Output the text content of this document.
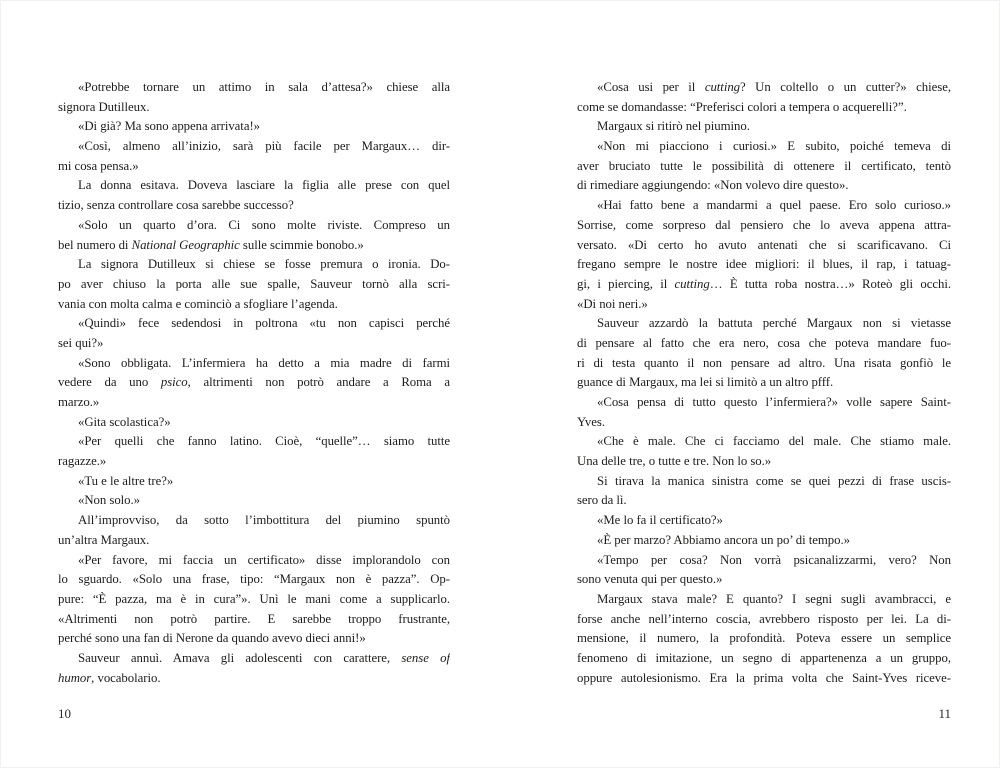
«Potrebbe tornare un attimo in sala d’attesa?» chiese alla
signora Dutilleux.
«Di già? Ma sono appena arrivata!»
«Così, almeno all’inizio, sarà più facile per Margaux… dir-
mi cosa pensa.»
La donna esitava. Doveva lasciare la figlia alle prese con quel
tizio, senza controllare cosa sarebbe successo?
«Solo un quarto d’ora. Ci sono molte riviste. Compreso un
bel numero di National Geographic sulle scimmie bonobo.»
La signora Dutilleux si chiese se fosse premura o ironia. Do-
po aver chiuso la porta alle sue spalle, Sauveur tornò alla scri-
vania con molta calma e cominciò a sfogliare l’agenda.
«Quindi» fece sedendosi in poltrona «tu non capisci perché
sei qui?»
«Sono obbligata. L’infermiera ha detto a mia madre di farmi
vedere da uno psico, altrimenti non potrò andare a Roma a
marzo.»
«Gita scolastica?»
«Per quelli che fanno latino. Cioè, “quelle”… siamo tutte
ragazze.»
«Tu e le altre tre?»
«Non solo.»
All’improvviso, da sotto l’imbottitura del piumino spuntò
un’altra Margaux.
«Per favore, mi faccia un certificato» disse implorandolo con
lo sguardo. «Solo una frase, tipo: “Margaux non è pazza”. Op-
pure: “È pazza, ma è in cura”». Unì le mani come a supplicarlo.
«Altrimenti non potrò partire. E sarebbe troppo frustrante,
perché sono una fan di Nerone da quando avevo dieci anni!»
Sauveur annuì. Amava gli adolescenti con carattere, sense of
humor, vocabolario.
«Cosa usi per il cutting? Un coltello o un cutter?» chiese,
come se domandasse: “Preferisci colori a tempera o acquerelli?”.
Margaux si ritirò nel piumino.
«Non mi piacciono i curiosi.» E subito, poiché temeva di
aver bruciato tutte le possibilità di ottenere il certificato, tentò
di rimediare aggiungendo: «Non volevo dire questo».
«Hai fatto bene a mandarmi a quel paese. Ero solo curioso.»
Sorrise, come sorpreso dal pensiero che lo aveva appena attra-
versato. «Di certo ho avuto antenati che si scarificavano. Ci
fregano sempre le nostre idee migliori: il blues, il rap, i tatuag-
gi, i piercing, il cutting… È tutta roba nostra…» Roteò gli occhi.
«Di noi neri.»
Sauveur azzardò la battuta perché Margaux non si vietasse
di pensare al fatto che era nero, cosa che poteva mandare fuo-
ri di testa quanto il non pensare ad altro. Una risata gonfiò le
guance di Margaux, ma lei si limitò a un altro pfff.
«Cosa pensa di tutto questo l’infermiera?» volle sapere Saint-
Yves.
«Che è male. Che ci facciamo del male. Che stiamo male.
Una delle tre, o tutte e tre. Non lo so.»
Si tirava la manica sinistra come se quei pezzi di frase uscis-
sero da lì.
«Me lo fa il certificato?»
«È per marzo? Abbiamo ancora un po’ di tempo.»
«Tempo per cosa? Non vorrà psicanalizzarmi, vero? Non
sono venuta qui per questo.»
Margaux stava male? E quanto? I segni sugli avambracci, e
forse anche nell’interno coscia, avrebbero risposto per lei. La di-
mensione, il numero, la profondità. Poteva essere un semplice
fenomeno di imitazione, un segno di appartenenza a un gruppo,
oppure autolesionismo. Era la prima volta che Saint-Yves riceve-
10	11
